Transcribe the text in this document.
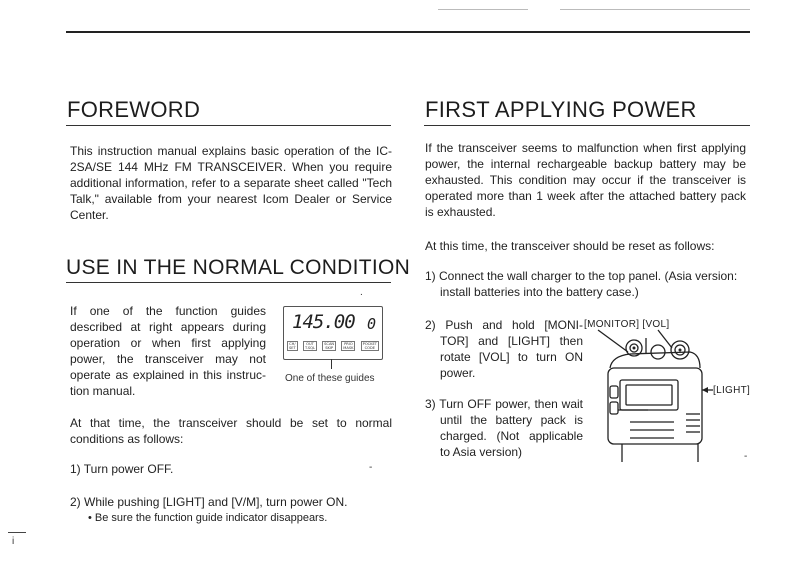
FOREWORD

This instruction manual explains basic operation of the IC-2SA/SE 144 MHz FM TRANSCEIVER. When you require additional information, refer to a separate sheet called "Tech Talk," available from your nearest Icom Dealer or Service Center.

USE IN THE NORMAL CONDITION

If one of the function guides described at right appears during operation or when first applying power, the transceiver may not operate as explained in this instruc-tion manual.

145.00 0
CH/
SET
OUT
T.SQL
SCAN
SKIP
PRIO
MASK
POCKET
CODE
One of these guides

At that time, the transceiver should be set to normal conditions as follows:

1) Turn power OFF.	-

2) While pushing [LIGHT] and [V/M], turn power ON.

• Be sure the function guide indicator disappears.
FIRST APPLYING POWER

If the transceiver seems to malfunction when first applying power, the internal rechargeable backup battery may be exhausted. This condition may occur if the transceiver is operated more than 1 week after the attached battery pack is exhausted.

At this time, the transceiver should be reset as follows:

1) Connect the wall charger to the top panel. (Asia version: install batteries into the battery case.)

2) Push and hold [MONI-TOR] and [LIGHT] then rotate [VOL] to turn ON power.

3) Turn OFF power, then wait until the battery pack is charged. (Not applicable to Asia version)

[MONITOR] [VOL]
[LIGHT]
-
.
i
